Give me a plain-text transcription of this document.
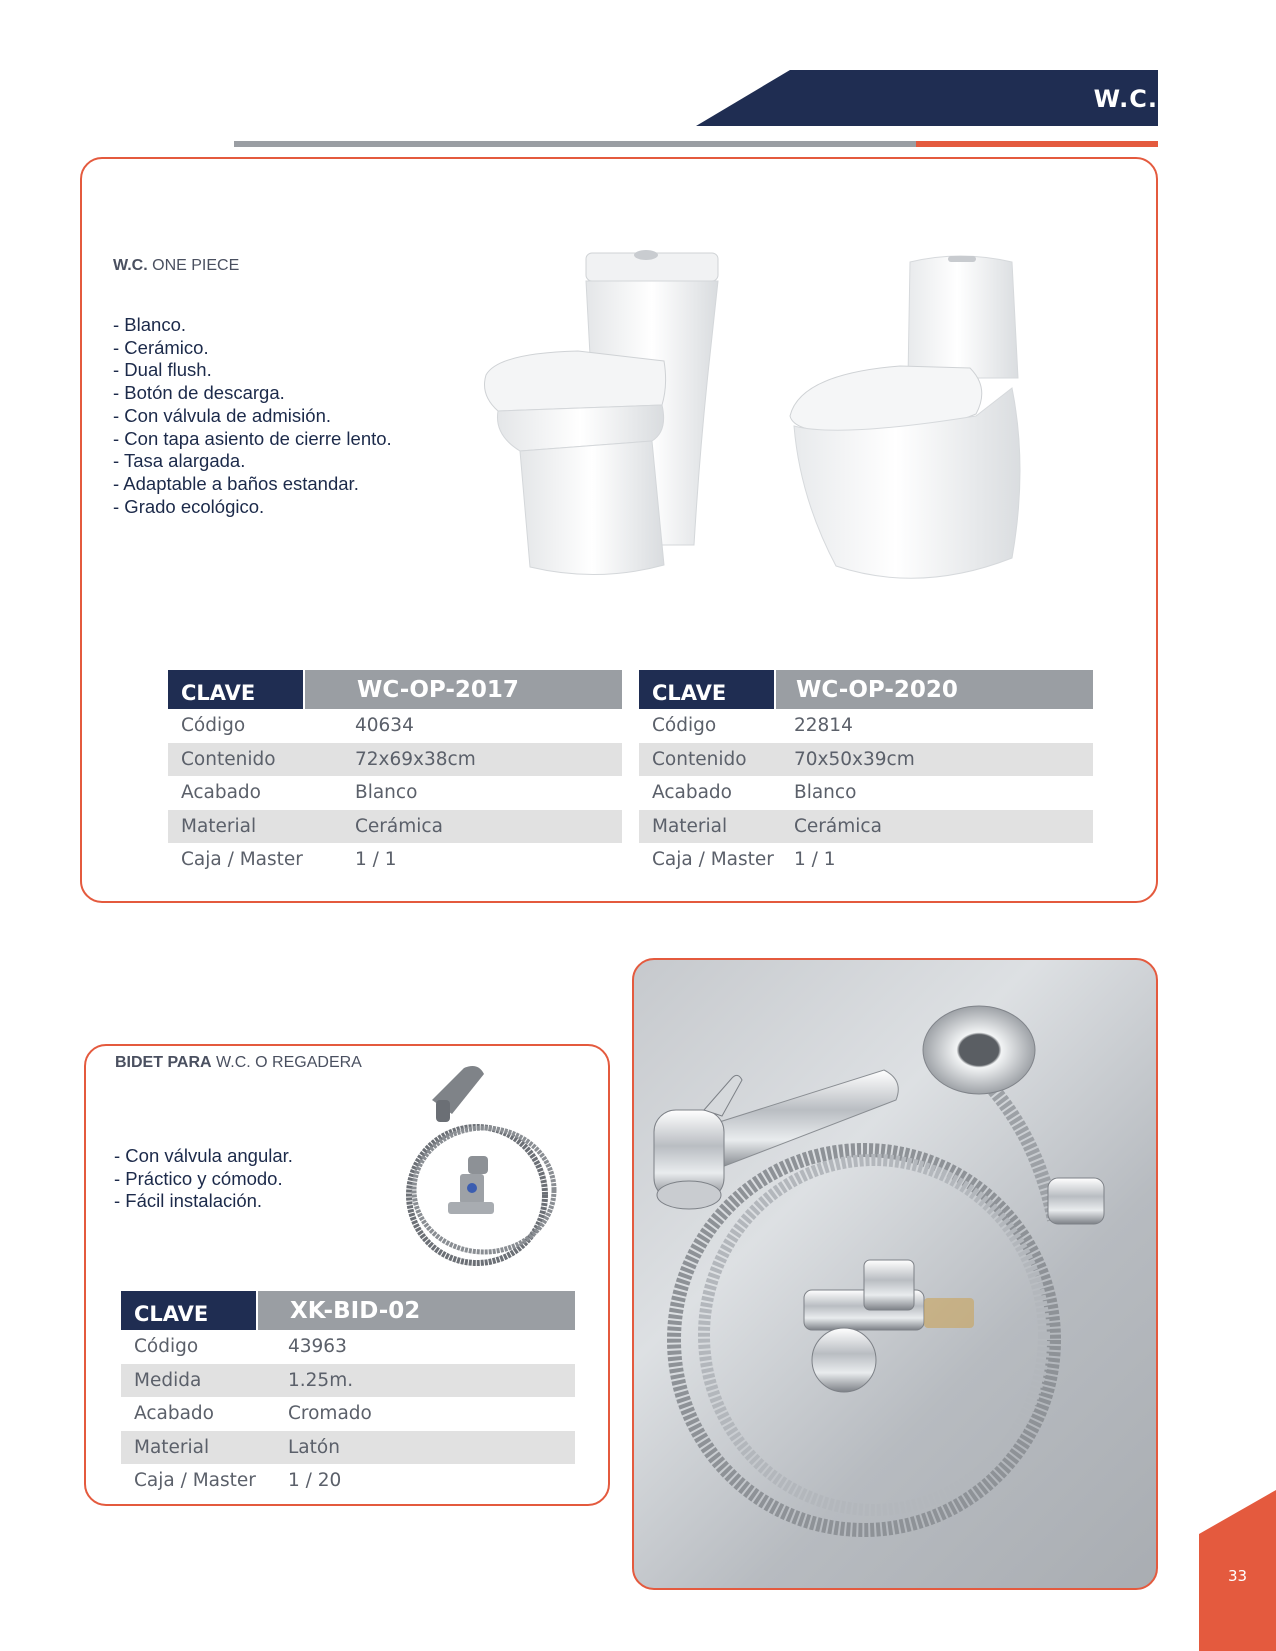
W.C.
W.C. ONE PIECE
- Blanco.
- Cerámico.
- Dual flush.
- Botón de descarga.
- Con válvula de admisión.
- Con tapa asiento de cierre lento.
- Tasa alargada.
- Adaptable a baños estandar.
- Grado ecológico.
CLAVE	WC-OP-2017
Código	40634
Contenido	72x69x38cm
Acabado	Blanco
Material	Cerámica
Caja / Master	1 / 1
CLAVE	WC-OP-2020
Código	22814
Contenido	70x50x39cm
Acabado	Blanco
Material	Cerámica
Caja / Master	1 / 1
BIDET PARA W.C. O REGADERA
- Con válvula angular.
- Práctico y cómodo.
- Fácil instalación.
CLAVE	XK-BID-02
Código	43963
Medida	1.25m.
Acabado	Cromado
Material	Latón
Caja / Master	1 / 20
33
